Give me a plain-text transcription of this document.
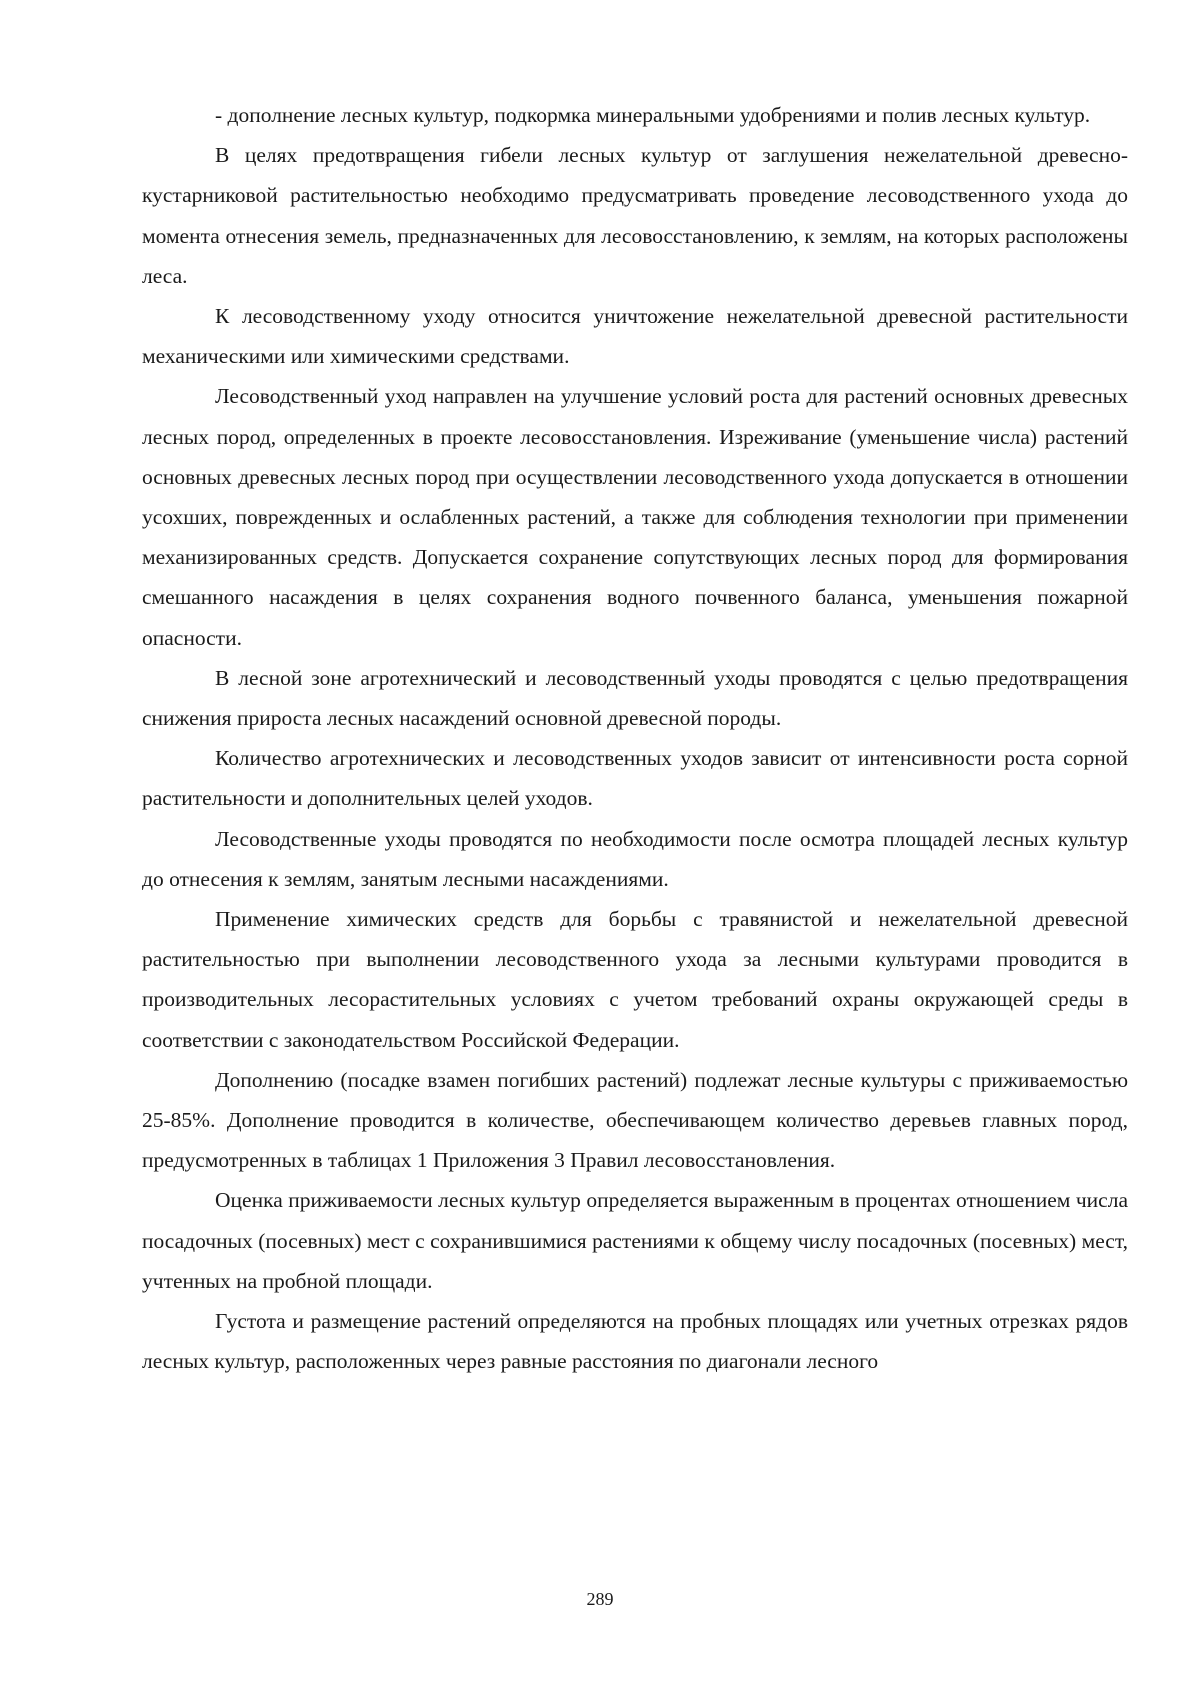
- дополнение лесных культур, подкормка минеральными удобрениями и полив лесных культур.

В целях предотвращения гибели лесных культур от заглушения нежелательной древесно-кустарниковой растительностью необходимо предусматривать проведение лесоводственного ухода до момента отнесения земель, предназначенных для лесовосстановлению, к землям, на которых расположены леса.

К лесоводственному уходу относится уничтожение нежелательной древесной растительности механическими или химическими средствами.

Лесоводственный уход направлен на улучшение условий роста для растений основных древесных лесных пород, определенных в проекте лесовосстановления. Изреживание (уменьшение числа) растений основных древесных лесных пород при осуществлении лесоводственного ухода допускается в отношении усохших, поврежденных и ослабленных растений, а также для соблюдения технологии при применении механизированных средств. Допускается сохранение сопутствующих лесных пород для формирования смешанного насаждения в целях сохранения водного почвенного баланса, уменьшения пожарной опасности.

В лесной зоне агротехнический и лесоводственный уходы проводятся с целью предотвращения снижения прироста лесных насаждений основной древесной породы.

Количество агротехнических и лесоводственных уходов зависит от интенсивности роста сорной растительности и дополнительных целей уходов.

Лесоводственные уходы проводятся по необходимости после осмотра площадей лесных культур до отнесения к землям, занятым лесными насаждениями.

Применение химических средств для борьбы с травянистой и нежелательной древесной растительностью при выполнении лесоводственного ухода за лесными культурами проводится в производительных лесорастительных условиях с учетом требований охраны окружающей среды в соответствии с законодательством Российской Федерации.

Дополнению (посадке взамен погибших растений) подлежат лесные культуры с приживаемостью 25-85%. Дополнение проводится в количестве, обеспечивающем количество деревьев главных пород, предусмотренных в таблицах 1 Приложения 3 Правил лесовосстановления.

Оценка приживаемости лесных культур определяется выраженным в процентах отношением числа посадочных (посевных) мест с сохранившимися растениями к общему числу посадочных (посевных) мест, учтенных на пробной площади.

Густота и размещение растений определяются на пробных площадях или учетных отрезках рядов лесных культур, расположенных через равные расстояния по диагонали лесного

289
